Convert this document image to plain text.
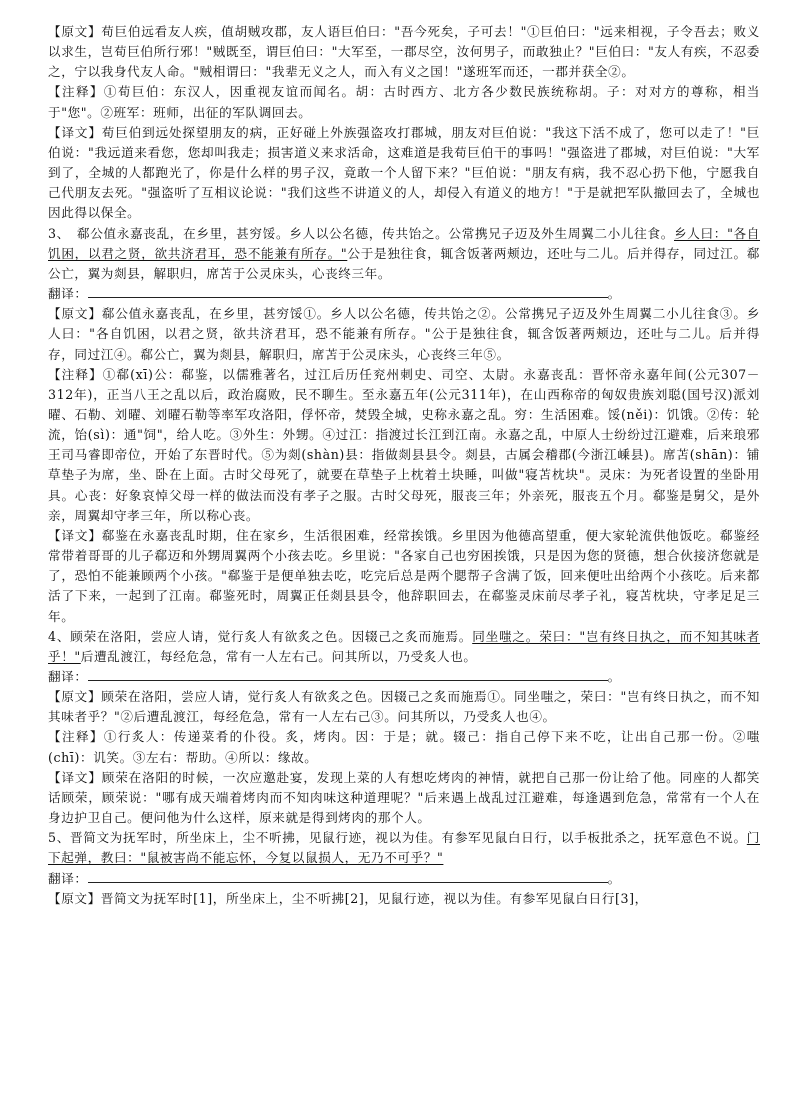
【原文】荀巨伯远看友人疾，值胡贼攻郡，友人语巨伯曰："吾今死矣，子可去！"①巨伯曰："远来相视，子令吾去；败义以求生，岂荀巨伯所行邪！"贼既至，谓巨伯曰："大军至，一郡尽空，汝何男子，而敢独止？"巨伯曰："友人有疾，不忍委之，宁以我身代友人命。"贼相谓曰："我辈无义之人，而入有义之国！"遂班军而还，一郡并获全②。

【注释】①荀巨伯：东汉人，因重视友谊而闻名。胡：古时西方、北方各少数民族统称胡。子：对对方的尊称，相当于"您"。②班军：班师，出征的军队调回去。

【译文】荀巨伯到远处探望朋友的病，正好碰上外族强盗攻打郡城，朋友对巨伯说："我这下活不成了，您可以走了！"巨伯说："我远道来看您，您却叫我走；损害道义来求活命，这难道是我荀巨伯干的事吗！"强盗进了郡城，对巨伯说："大军到了，全城的人都跑光了，你是什么样的男子汉，竟敢一个人留下来？"巨伯说："朋友有病，我不忍心扔下他，宁愿我自己代朋友去死。"强盗听了互相议论说："我们这些不讲道义的人，却侵入有道义的地方！"于是就把军队撤回去了，全城也因此得以保全。

3、　郗公值永嘉丧乱，在乡里，甚穷馁。乡人以公名德，传共饴之。公常携兄子迈及外生周翼二小儿往食。乡人曰："各自饥困，以君之贤，欲共济君耳，恐不能兼有所存。"公于是独往食，辄含饭著两颊边，还吐与二儿。后并得存，同过江。郗公亡，翼为剡县，解职归，席苫于公灵床头，心丧终三年。

翻译：	。

【原文】郗公值永嘉丧乱，在乡里，甚穷馁①。乡人以公名德，传共饴之②。公常携兄子迈及外生周翼二小儿往食③。乡人曰："各自饥困，以君之贤，欲共济君耳，恐不能兼有所存。"公于是独往食，辄含饭著两颊边，还吐与二儿。后并得存，同过江④。郗公亡，翼为剡县，解职归，席苫于公灵床头，心丧终三年⑤。

【注释】①郗(xī)公：郗鉴，以儒雅著名，过江后历任兖州刺史、司空、太尉。永嘉丧乱：晋怀帝永嘉年间(公元307－312年)，正当八王之乱以后，政治腐败，民不聊生。至永嘉五年(公元311年)，在山西称帝的匈奴贵族刘聪(国号汉)派刘曜、石勒、刘曜、刘曜石勒等率军攻洛阳，俘怀帝，焚毁全城，史称永嘉之乱。穷：生活困难。馁(něi)：饥饿。②传：轮流，饴(sì)：通"饲"，给人吃。③外生：外甥。④过江：指渡过长江到江南。永嘉之乱，中原人士纷纷过江避难，后来琅邪王司马睿即帝位，开始了东晋时代。⑤为剡(shàn)县：指做剡县县令。剡县，古属会稽郡(今浙江嵊县)。席苫(shān)：铺草垫子为席，坐、卧在上面。古时父母死了，就要在草垫子上枕着土块睡，叫做"寝苫枕块"。灵床：为死者设置的坐卧用具。心丧：好象哀悼父母一样的做法而没有孝子之服。古时父母死，服丧三年；外亲死，服丧五个月。郗鉴是舅父，是外亲，周翼却守孝三年，所以称心丧。

【译文】郗鉴在永嘉丧乱时期，住在家乡，生活很困难，经常挨饿。乡里因为他德高望重，便大家轮流供他饭吃。郗鉴经常带着哥哥的儿子郗迈和外甥周翼两个小孩去吃。乡里说："各家自己也穷困挨饿，只是因为您的贤德，想合伙接济您就是了，恐怕不能兼顾两个小孩。"郗鉴于是便单独去吃，吃完后总是两个腮帮子含满了饭，回来便吐出给两个小孩吃。后来都活了下来，一起到了江南。郗鉴死时，周翼正任剡县县令，他辞职回去，在郗鉴灵床前尽孝子礼，寝苫枕块，守孝足足三年。

4、顾荣在洛阳，尝应人请，觉行炙人有欲炙之色。因辍己之炙而施焉。同坐嗤之。荣曰："岂有终日执之，而不知其味者乎！"后遭乱渡江，每经危急，常有一人左右己。问其所以，乃受炙人也。

翻译：	。

【原文】顾荣在洛阳，尝应人请，觉行炙人有欲炙之色。因辍己之炙而施焉①。同坐嗤之，荣曰："岂有终日执之，而不知其味者乎？"②后遭乱渡江，每经危急，常有一人左右己③。问其所以，乃受炙人也④。

【注释】①行炙人：传递菜肴的仆役。炙，烤肉。因：于是；就。辍己：指自己停下来不吃，让出自己那一份。②嗤(chī)：讥笑。③左右：帮助。④所以：缘故。

【译文】顾荣在洛阳的时候，一次应邀赴宴，发现上菜的人有想吃烤肉的神情，就把自己那一份让给了他。同座的人都笑话顾荣，顾荣说："哪有成天端着烤肉而不知肉味这种道理呢？"后来遇上战乱过江避难，每逢遇到危急，常常有一个人在身边护卫自己。便问他为什么这样，原来就是得到烤肉的那个人。

5、晋简文为抚军时，所坐床上，尘不听拂，见鼠行迹，视以为佳。有参军见鼠白日行，以手板批杀之，抚军意色不说。门下起弹，教曰："鼠被害尚不能忘怀，今复以鼠损人，无乃不可乎？"

翻译：	。

【原文】晋简文为抚军时[1]，所坐床上，尘不听拂[2]，见鼠行迹，视以为佳。有参军见鼠白日行[3]，
